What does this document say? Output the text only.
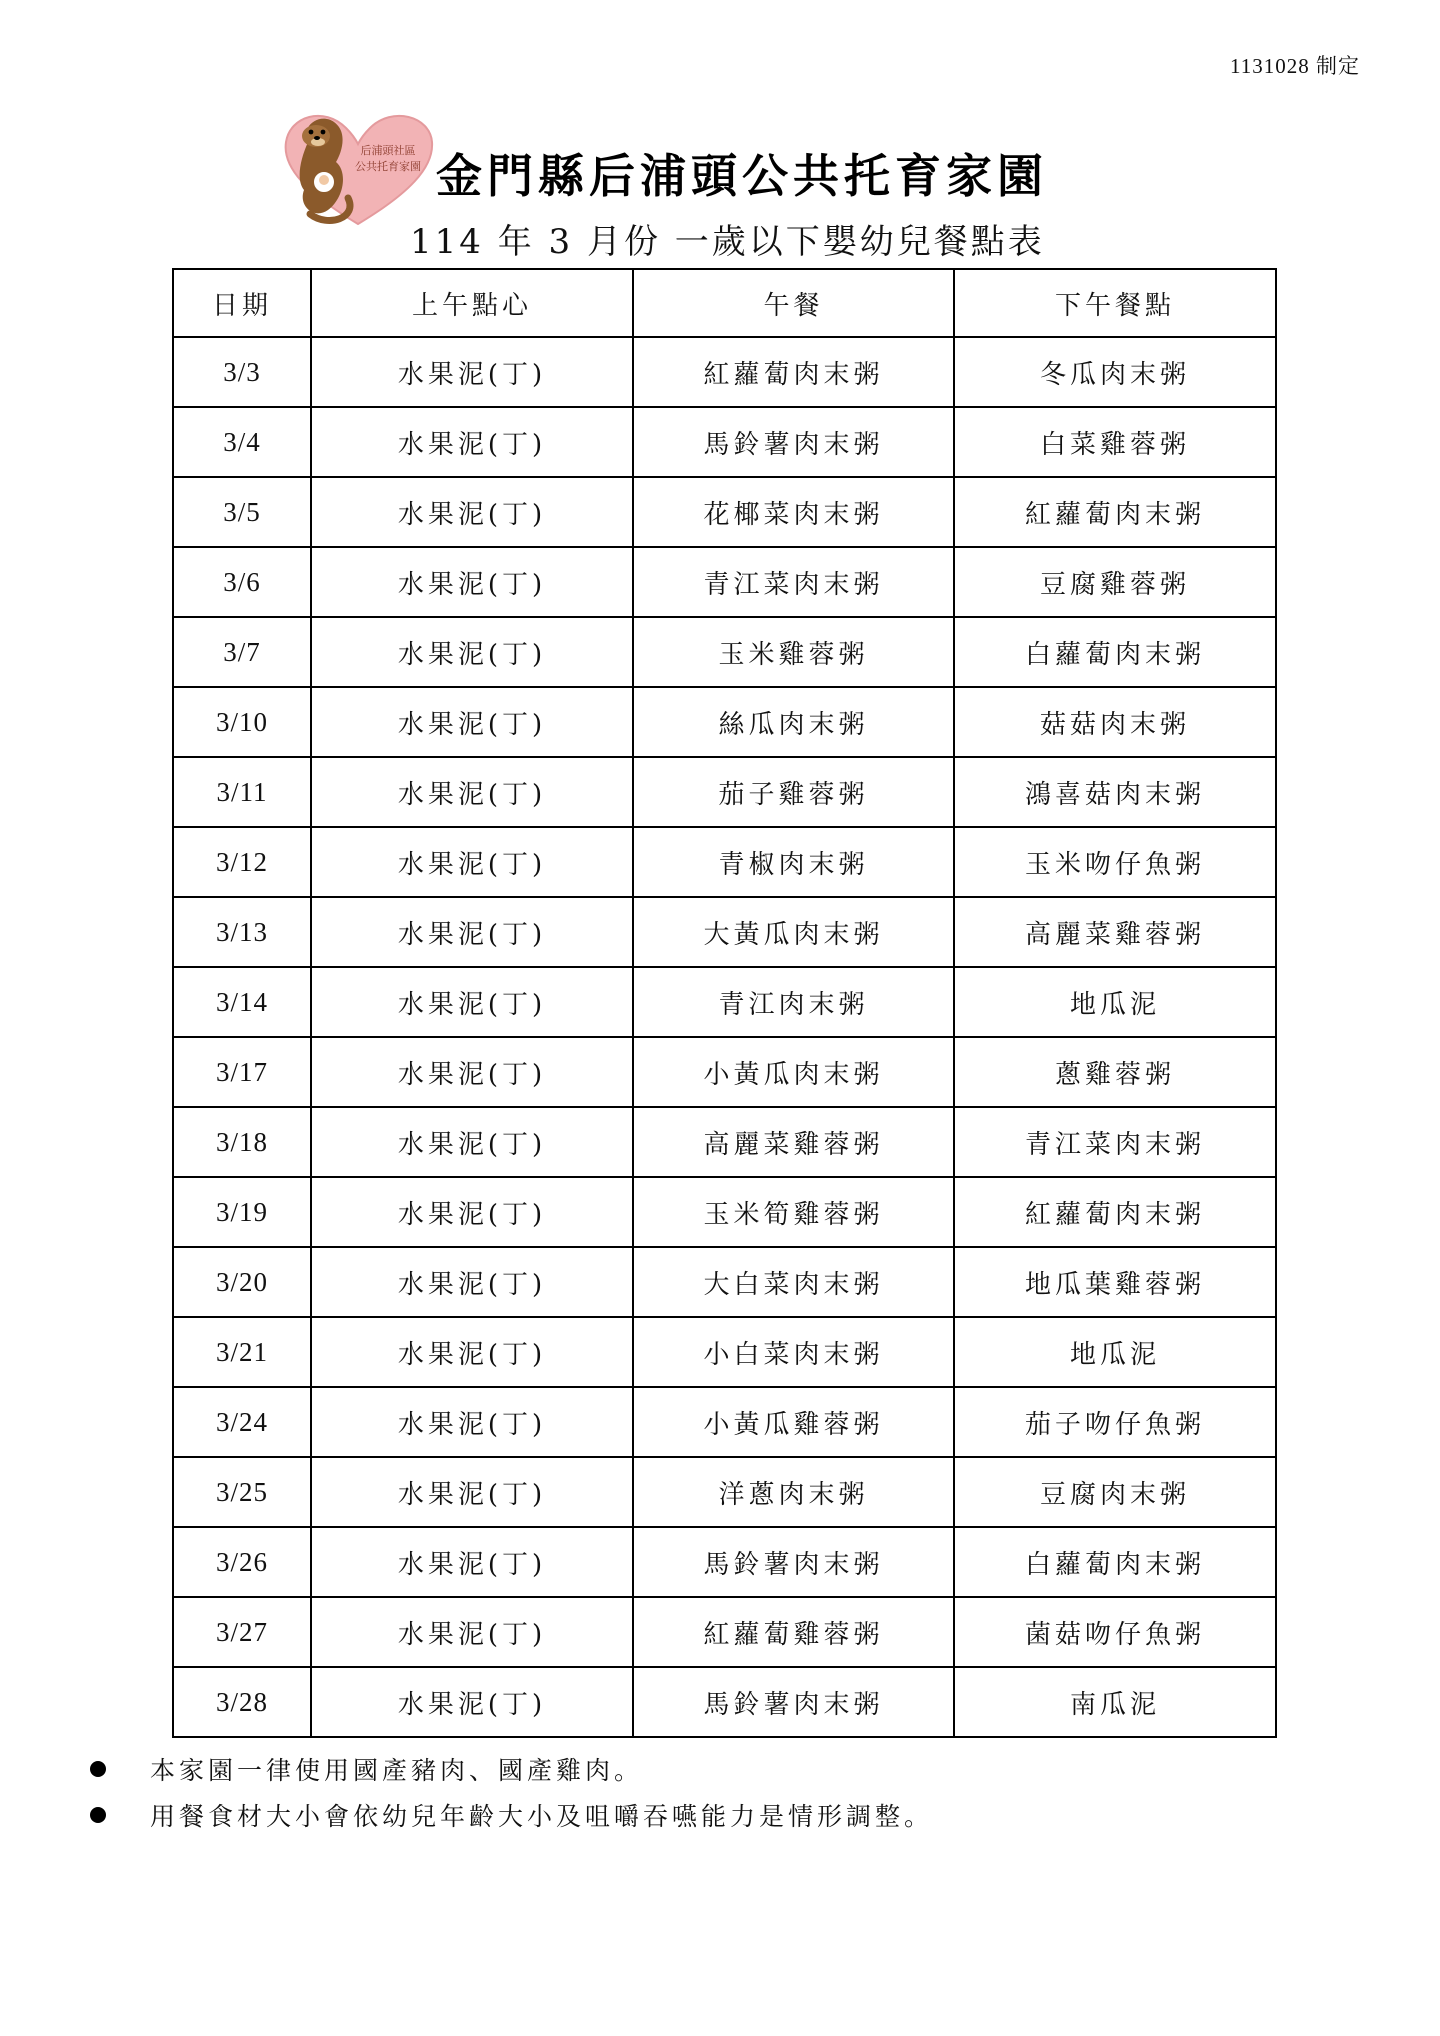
1131028 制定
后浦頭社區
公共托育家園 金門縣后浦頭公共托育家園
114 年 3 月份 一歲以下嬰幼兒餐點表
日期	上午點心	午餐	下午餐點
3/3	水果泥(丁)	紅蘿蔔肉末粥	冬瓜肉末粥
3/4	水果泥(丁)	馬鈴薯肉末粥	白菜雞蓉粥
3/5	水果泥(丁)	花椰菜肉末粥	紅蘿蔔肉末粥
3/6	水果泥(丁)	青江菜肉末粥	豆腐雞蓉粥
3/7	水果泥(丁)	玉米雞蓉粥	白蘿蔔肉末粥
3/10	水果泥(丁)	絲瓜肉末粥	菇菇肉末粥
3/11	水果泥(丁)	茄子雞蓉粥	鴻喜菇肉末粥
3/12	水果泥(丁)	青椒肉末粥	玉米吻仔魚粥
3/13	水果泥(丁)	大黃瓜肉末粥	高麗菜雞蓉粥
3/14	水果泥(丁)	青江肉末粥	地瓜泥
3/17	水果泥(丁)	小黃瓜肉末粥	蔥雞蓉粥
3/18	水果泥(丁)	高麗菜雞蓉粥	青江菜肉末粥
3/19	水果泥(丁)	玉米筍雞蓉粥	紅蘿蔔肉末粥
3/20	水果泥(丁)	大白菜肉末粥	地瓜葉雞蓉粥
3/21	水果泥(丁)	小白菜肉末粥	地瓜泥
3/24	水果泥(丁)	小黃瓜雞蓉粥	茄子吻仔魚粥
3/25	水果泥(丁)	洋蔥肉末粥	豆腐肉末粥
3/26	水果泥(丁)	馬鈴薯肉末粥	白蘿蔔肉末粥
3/27	水果泥(丁)	紅蘿蔔雞蓉粥	菌菇吻仔魚粥
3/28	水果泥(丁)	馬鈴薯肉末粥	南瓜泥
本家園一律使用國產豬肉、國產雞肉。
用餐食材大小會依幼兒年齡大小及咀嚼吞嚥能力是情形調整。
